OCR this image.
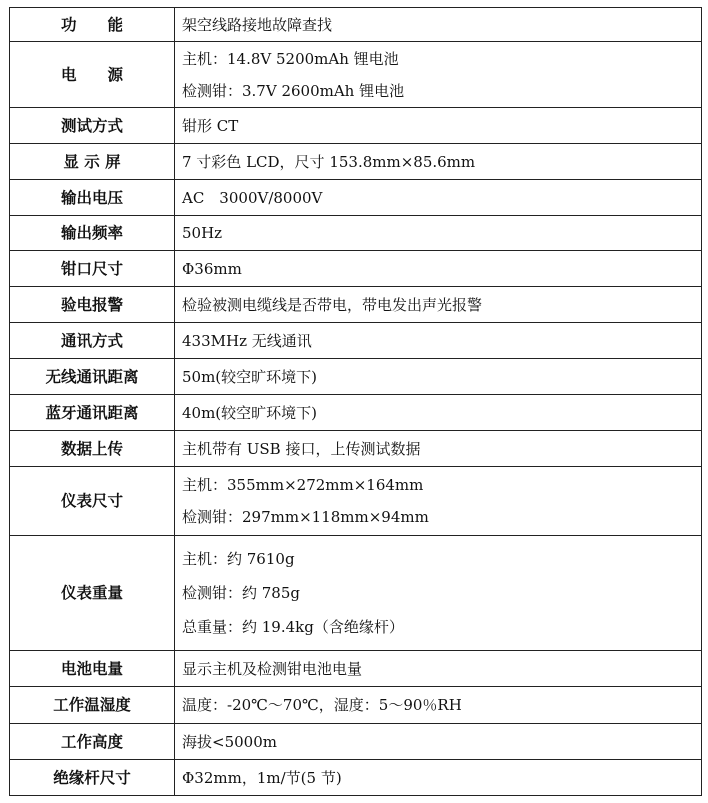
功　　能	架空线路接地故障查找

电　　源	主机：14.8V 5200mAh 锂电池
检测钳：3.7V 2600mAh 锂电池

测试方式	钳形 CT

显 示 屏	7 寸彩色 LCD，尺寸 153.8mm×85.6mm

输出电压	AC　3000V/8000V

输出频率	50Hz

钳口尺寸	Φ36mm

验电报警	检验被测电缆线是否带电，带电发出声光报警

通讯方式	433MHz 无线通讯

无线通讯距离	50m(较空旷环境下)

蓝牙通讯距离	40m(较空旷环境下)

数据上传	主机带有 USB 接口，上传测试数据

仪表尺寸	主机：355mm×272mm×164mm
检测钳：297mm×118mm×94mm

仪表重量	主机：约 7610g
检测钳：约 785g
总重量：约 19.4kg（含绝缘杆）

电池电量	显示主机及检测钳电池电量

工作温湿度	温度：-20℃～70℃，湿度：5～90％RH

工作高度	海拔<5000m

绝缘杆尺寸	Φ32mm，1m/节(5 节)
